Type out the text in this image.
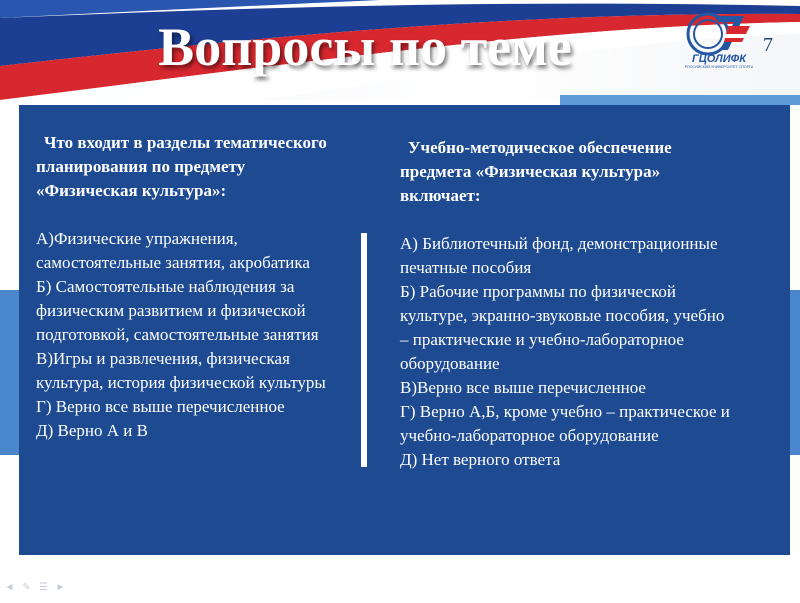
Вопросы по теме	ГЦОЛИФК
РОССИЙСКИЙ УНИВЕРСИТЕТ СПОРТА
7

Что входит в разделы тематического планирования по предмету «Физическая культура»:

А)Физические упражнения, самостоятельные занятия, акробатика
Б) Самостоятельные наблюдения за физическим развитием и физической подготовкой, самостоятельные занятия
В)Игры и развлечения, физическая культура, история физической культуры
Г) Верно все выше перечисленное
Д) Верно А и В

Учебно-методическое обеспечение предмета «Физическая культура» включает:

А) Библиотечный фонд, демонстрационные печатные пособия
Б) Рабочие программы по физической культуре, экранно-звуковые пособия, учебно – практические и учебно-лабораторное оборудование
В)Верно все выше перечисленное
Г) Верно А,Б, кроме учебно – практическое и учебно-лабораторное оборудование
Д) Нет верного ответа
◄ ✎ ☰ ►
